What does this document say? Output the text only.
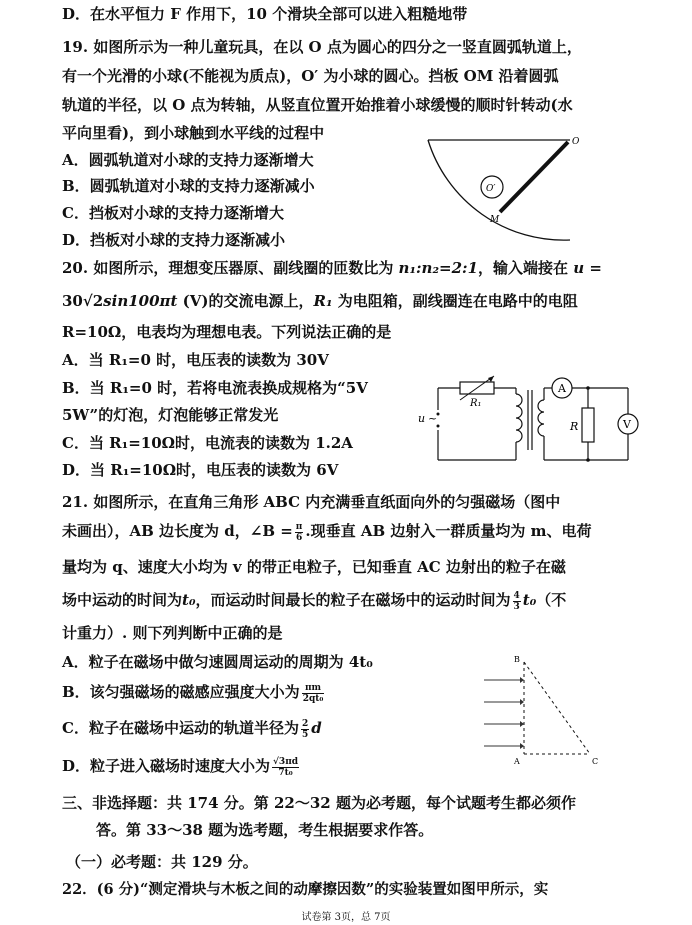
D．在水平恒力 F 作用下，10 个滑块全部可以进入粗糙地带
19. 如图所示为一种儿童玩具，在以 O 点为圆心的四分之一竖直圆弧轨道上，
有一个光滑的小球(不能视为质点)，O′ 为小球的圆心。挡板 OM 沿着圆弧
轨道的半径，以 O 点为转轴，从竖直位置开始推着小球缓慢的顺时针转动(水
平向里看)，到小球触到水平线的过程中
A．圆弧轨道对小球的支持力逐渐增大
B．圆弧轨道对小球的支持力逐渐减小
C．挡板对小球的支持力逐渐增大
D．挡板对小球的支持力逐渐减小
O′
O
M
20. 如图所示，理想变压器原、副线圈的匝数比为 n₁:n₂=2:1，输入端接在 u =
30√2sin100πt (V)的交流电源上，R₁ 为电阻箱，副线圈连在电路中的电阻
R=10Ω，电表均为理想电表。下列说法正确的是
A．当 R₁=0 时，电压表的读数为 30V
B．当 R₁=0 时，若将电流表换成规格为“5V
5W”的灯泡，灯泡能够正常发光
C．当 R₁=10Ω时，电流表的读数为 1.2A
D．当 R₁=10Ω时，电压表的读数为 6V
u ~
R₁
A
R	V
21. 如图所示，在直角三角形 ABC 内充满垂直纸面向外的匀强磁场（图中
未画出），AB 边长度为 d，∠B = $\frac{\pi}{6}$ .现垂直 AB 边射入一群质量均为 m、电荷
量均为 q、速度大小均为 v 的带正电粒子，已知垂直 AC 边射出的粒子在磁
场中运动的时间为t₀，而运动时间最长的粒子在磁场中的运动时间为 $\frac{4}{3} t_0$（不
计重力）. 则下列判断中正确的是
A．粒子在磁场中做匀速圆周运动的周期为 4t₀
B．该匀强磁场的磁感应强度大小为 $\frac{\pi m}{\text{2qt₀}}$
C．粒子在磁场中运动的轨道半径为 $\frac{2}{5}$ d
D．粒子进入磁场时速度大小为 $\frac{√3\pi d}{\text{7t₀}}$
B
A	C
三、非选择题：共 174 分。第 22～32 题为必考题，每个试题考生都必须作
答。第 33～38 题为选考题，考生根据要求作答。
（一）必考题：共 129 分。
22．(6 分)“测定滑块与木板之间的动摩擦因数”的实验装置如图甲所示，实
试卷第 3页，总 7页
